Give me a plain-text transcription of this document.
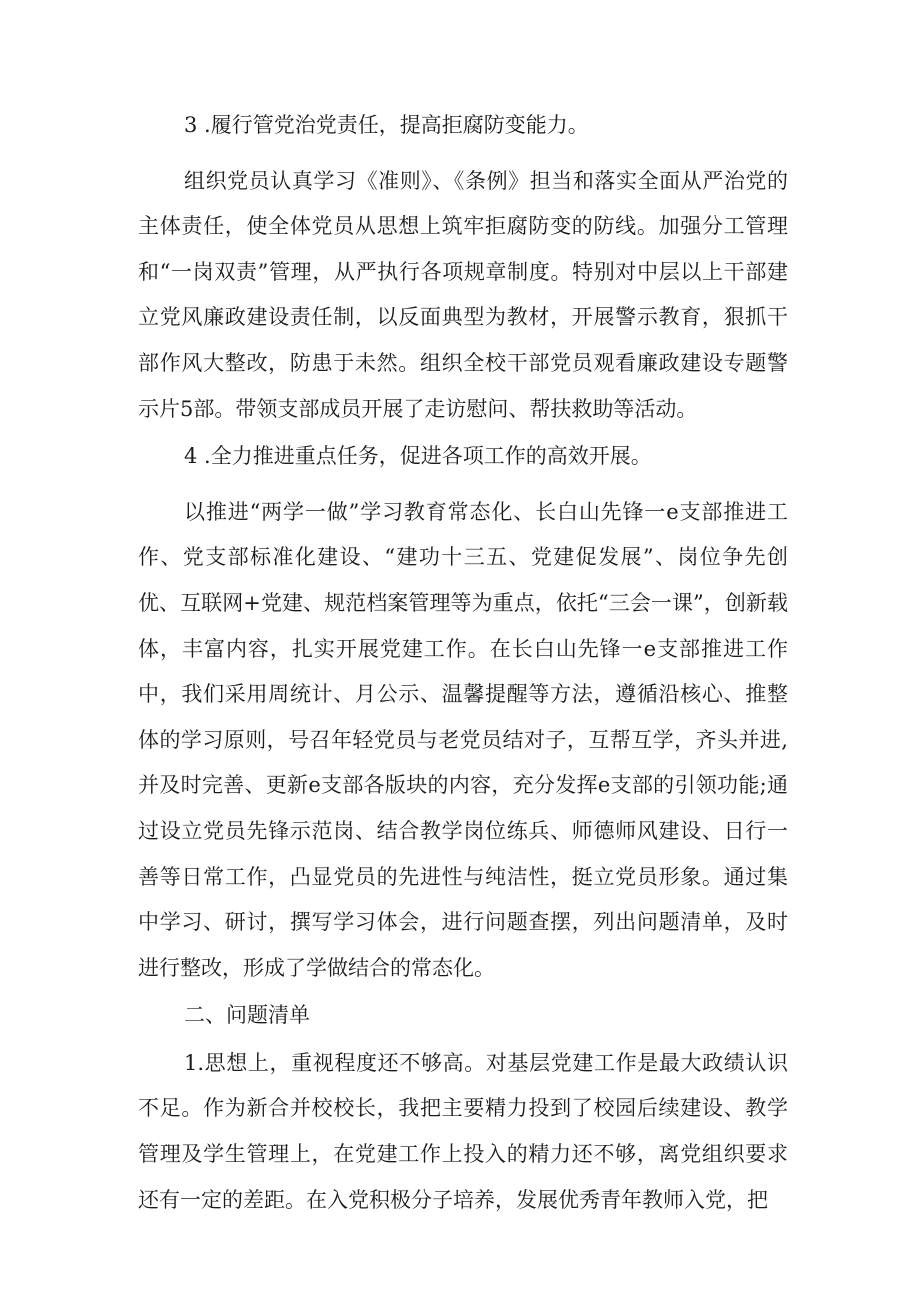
3 .履行管党治党责任，提高拒腐防变能力。

组织党员认真学习《准则》、《条例》担当和落实全面从严治党的主体责任，使全体党员从思想上筑牢拒腐防变的防线。加强分工管理和“一岗双责”管理，从严执行各项规章制度。特别对中层以上干部建立党风廉政建设责任制，以反面典型为教材，开展警示教育，狠抓干部作风大整改，防患于未然。组织全校干部党员观看廉政建设专题警示片5部。带领支部成员开展了走访慰问、帮扶救助等活动。

4 .全力推进重点任务，促进各项工作的高效开展。

以推进“两学一做”学习教育常态化、长白山先锋一e支部推进工作、党支部标准化建设、“建功十三五、党建促发展”、岗位争先创优、互联网+党建、规范档案管理等为重点，依托“三会一课”，创新载体，丰富内容，扎实开展党建工作。在长白山先锋一e支部推进工作中，我们采用周统计、月公示、温馨提醒等方法，遵循沿核心、推整体的学习原则，号召年轻党员与老党员结对子，互帮互学，齐头并进,并及时完善、更新e支部各版块的内容，充分发挥e支部的引领功能;通过设立党员先锋示范岗、结合教学岗位练兵、师德师风建设、日行一善等日常工作，凸显党员的先进性与纯洁性，挺立党员形象。通过集中学习、研讨，撰写学习体会，进行问题查摆，列出问题清单，及时进行整改，形成了学做结合的常态化。

二、问题清单

1.思想上，重视程度还不够高。对基层党建工作是最大政绩认识不足。作为新合并校校长，我把主要精力投到了校园后续建设、教学管理及学生管理上，在党建工作上投入的精力还不够，离党组织要求还有一定的差距。在入党积极分子培养，发展优秀青年教师入党，把
